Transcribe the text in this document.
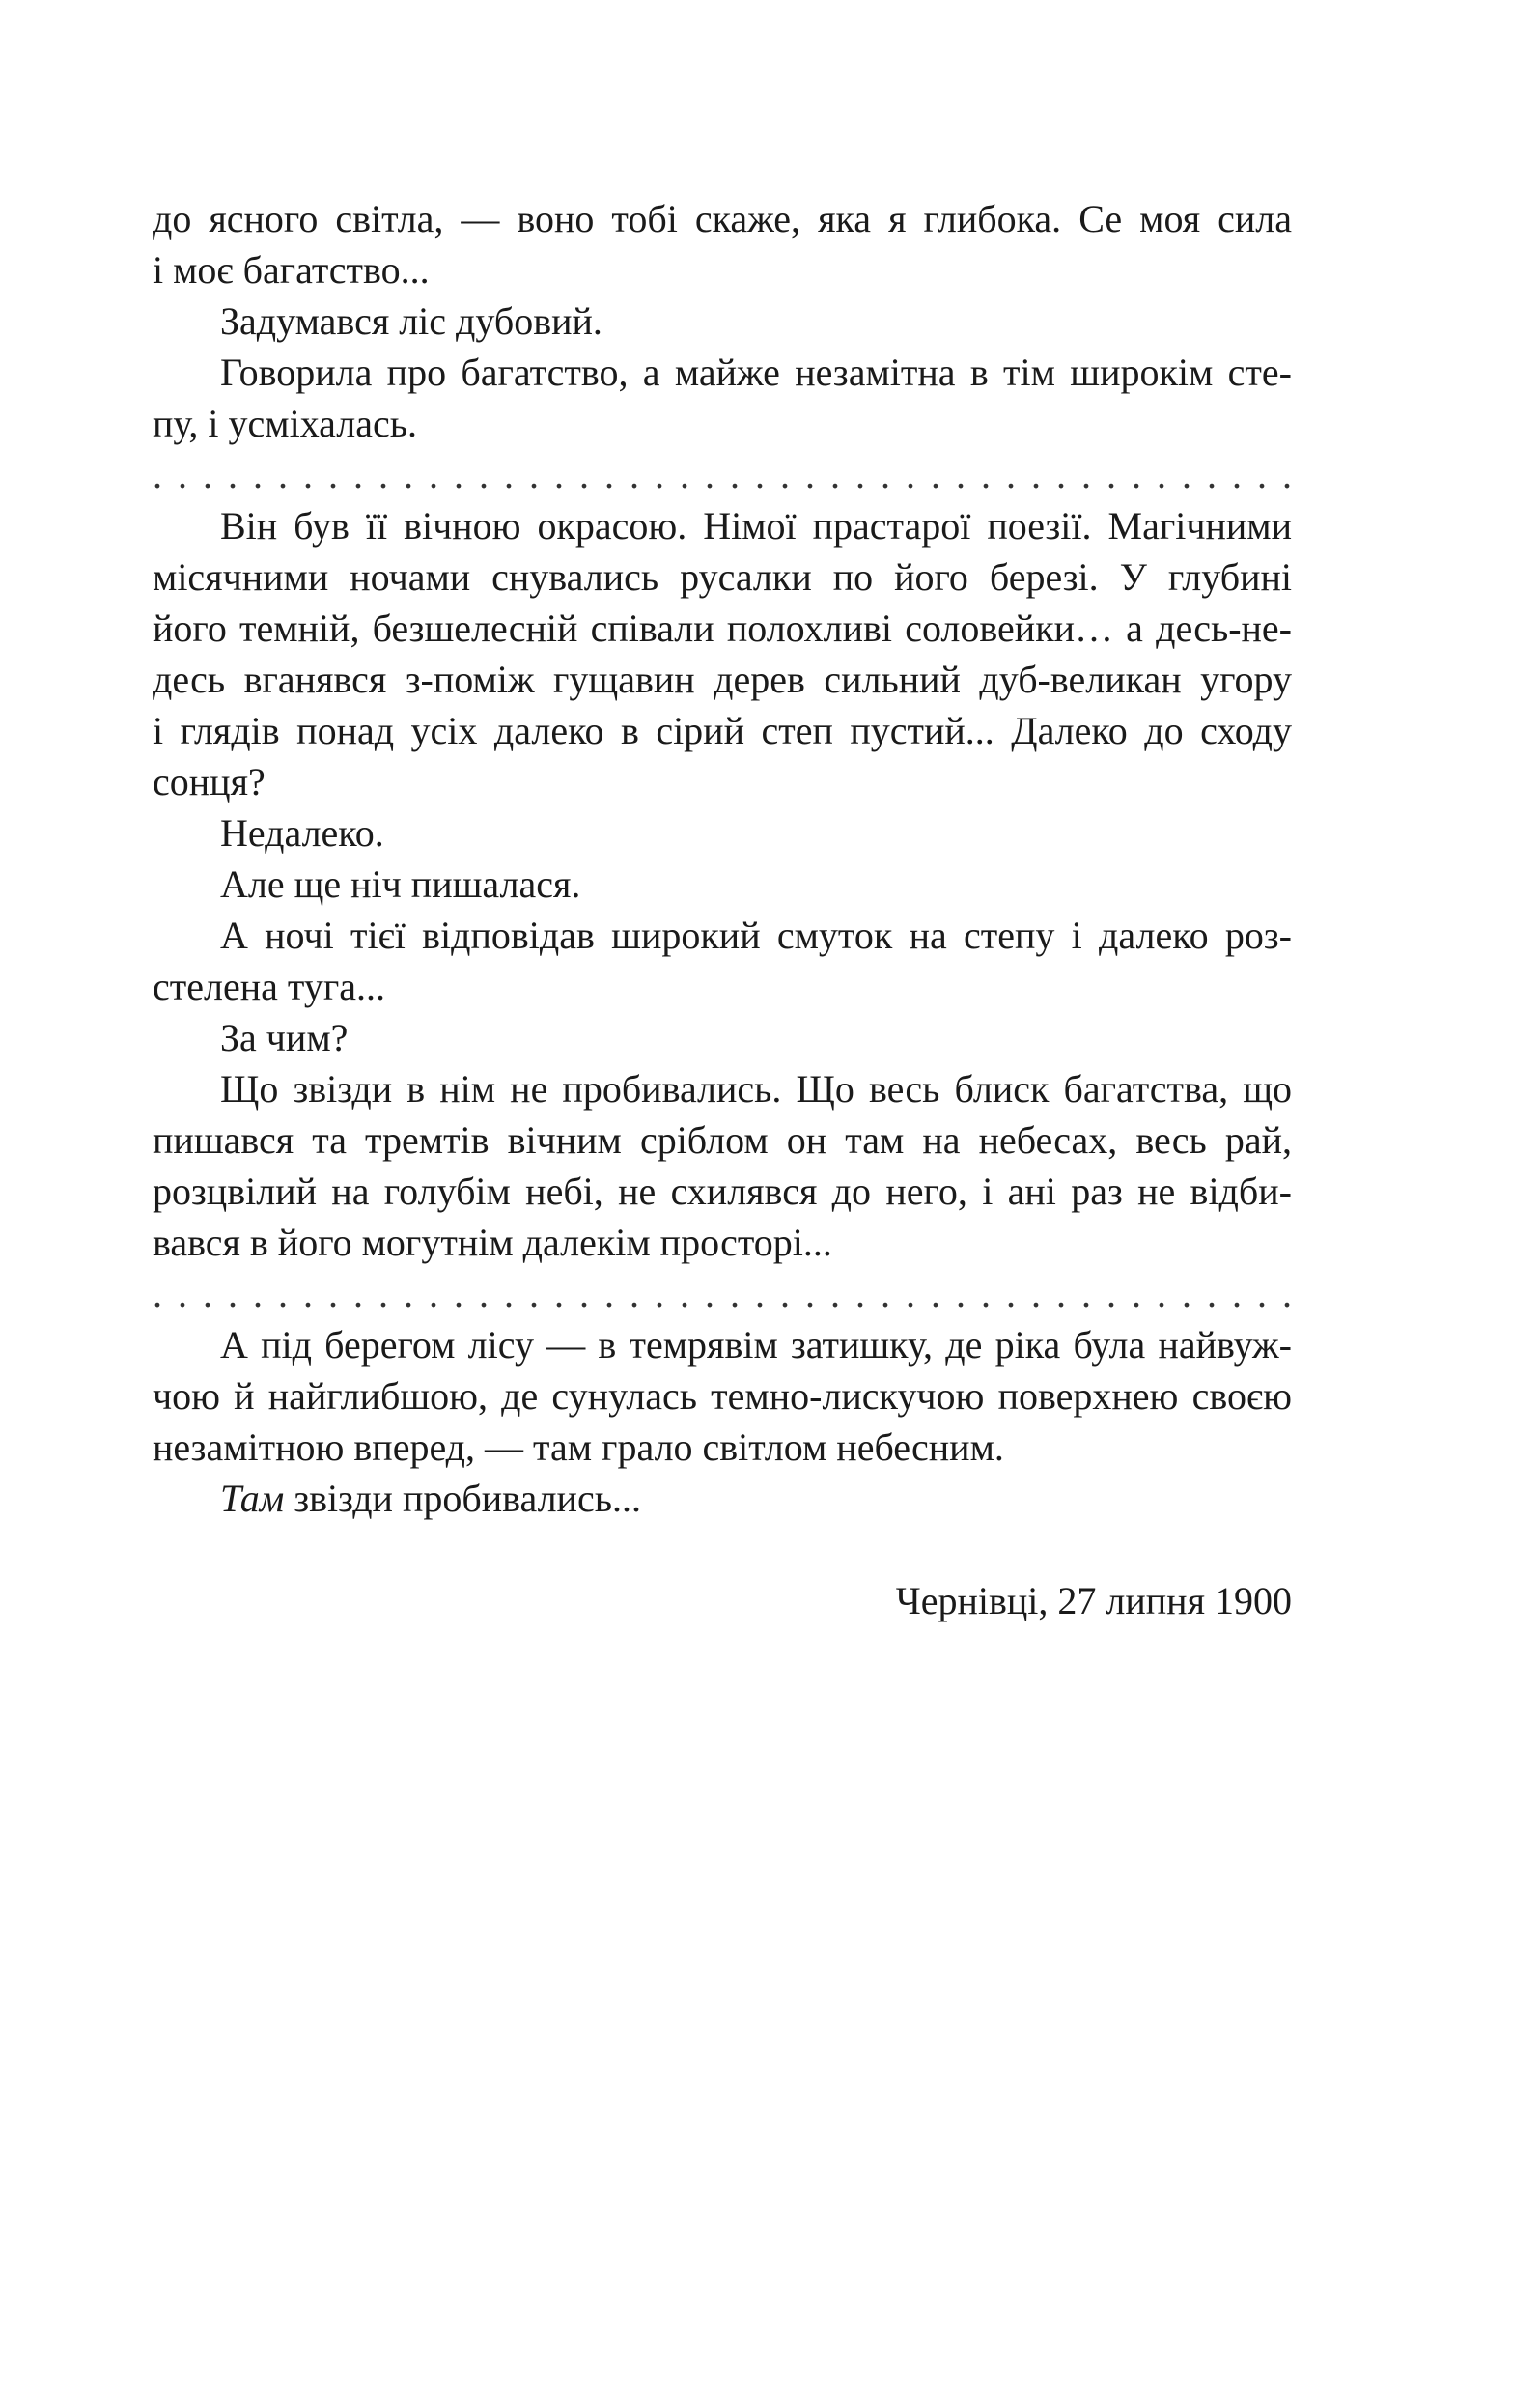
до ясного світла, — воно тобі скаже, яка я глибока. Се моя сила
і моє багатство...
Задумався ліс дубовий.
Говорила про багатство, а майже незамітна в тім широкім сте-
пу, і усміхалась.
. . . . . . . . . . . . . . . . . . . . . . . . . . . . . . . . . . . . . . . . . . . . . .
Він був її вічною окрасою. Німої прастарої поезії. Магічними
місячними ночами снувались русалки по його березі. У глубині
його темній, безшелесній співали полохливі соловейки… а десь-не-
десь вганявся з-поміж гущавин дерев сильний дуб-великан угору
і глядів понад усіх далеко в сірий степ пустий... Далеко до сходу
сонця?
Недалеко.
Але ще ніч пишалася.
А ночі тієї відповідав широкий смуток на степу і далеко роз-
стелена туга...
За чим?
Що звізди в нім не пробивались. Що весь блиск багатства, що
пишався та тремтів вічним сріблом он там на небесах, весь рай,
розцвілий на голубім небі, не схилявся до него, і ані раз не відби-
вався в його могутнім далекім просторі...
. . . . . . . . . . . . . . . . . . . . . . . . . . . . . . . . . . . . . . . . . . . . . .
А під берегом лісу — в темрявім затишку, де ріка була найвуж-
чою й найглибшою, де сунулась темно-лискучою поверхнею своєю
незамітною вперед, — там грало світлом небесним.
Там звізди пробивались...
Чернівці, 27 липня 1900
